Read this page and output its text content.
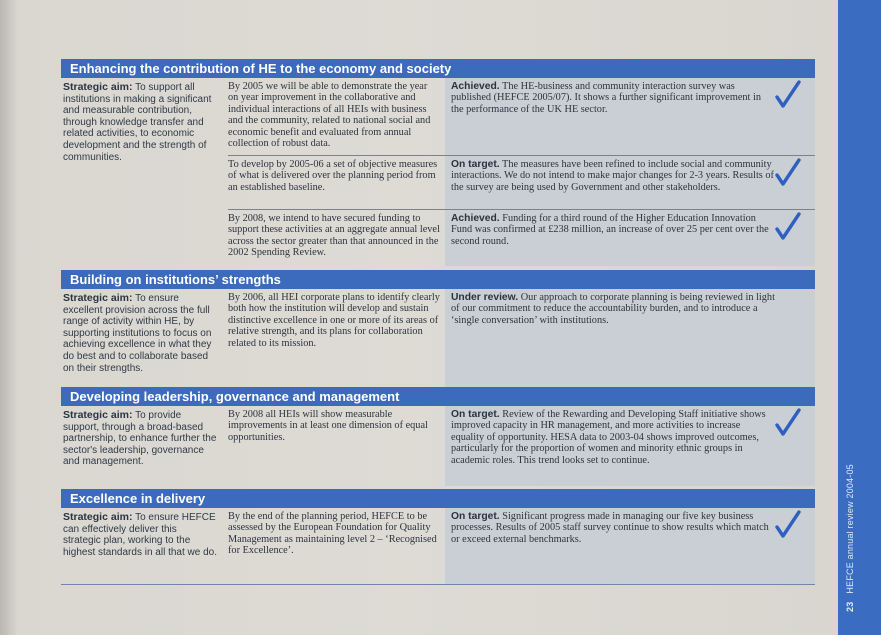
23HEFCE annual review 2004-05
Enhancing the contribution of HE to the economy and society
Strategic aim: To support all institutions in making a significant and measurable contribution, through knowledge transfer and related activities, to economic development and the strength of communities.
By 2005 we will be able to demonstrate the year on year improvement in the collaborative and individual interactions of all HEIs with business and the community, related to national social and economic benefit and evaluated from annual collection of robust data.
Achieved. The HE-business and community interaction survey was published (HEFCE 2005/07). It shows a further significant improvement in the performance of the UK HE sector.
To develop by 2005-06 a set of objective measures of what is delivered over the planning period from an established baseline.
On target. The measures have been refined to include social and community interactions. We do not intend to make major changes for 2-3 years. Results of the survey are being used by Government and other stakeholders.
By 2008, we intend to have secured funding to support these activities at an aggregate annual level across the sector greater than that announced in the 2002 Spending Review.
Achieved. Funding for a third round of the Higher Education Innovation Fund was confirmed at £238 million, an increase of over 25 per cent over the second round.
Building on institutions’ strengths
Strategic aim: To ensure excellent provision across the full range of activity within HE, by supporting institutions to focus on achieving excellence in what they do best and to collaborate based on their strengths.
By 2006, all HEI corporate plans to identify clearly both how the institution will develop and sustain distinctive excellence in one or more of its areas of relative strength, and its plans for collaboration related to its mission.
Under review. Our approach to corporate planning is being reviewed in light of our commitment to reduce the accountability burden, and to introduce a ‘single conversation’ with institutions.
Developing leadership, governance and management
Strategic aim: To provide support, through a broad-based partnership, to enhance further the sector's leadership, governance and management.
By 2008 all HEIs will show measurable improvements in at least one dimension of equal opportunities.
On target. Review of the Rewarding and Developing Staff initiative shows improved capacity in HR management, and more activities to increase equality of opportunity. HESA data to 2003-04 shows improved outcomes, particularly for the proportion of women and minority ethnic groups in academic roles. This trend looks set to continue.
Excellence in delivery
Strategic aim: To ensure HEFCE can effectively deliver this strategic plan, working to the highest standards in all that we do.
By the end of the planning period, HEFCE to be assessed by the European Foundation for Quality Management as maintaining level 2 – ‘Recognised for Excellence’.
On target. Significant progress made in managing our five key business processes. Results of 2005 staff survey continue to show results which match or exceed external benchmarks.
